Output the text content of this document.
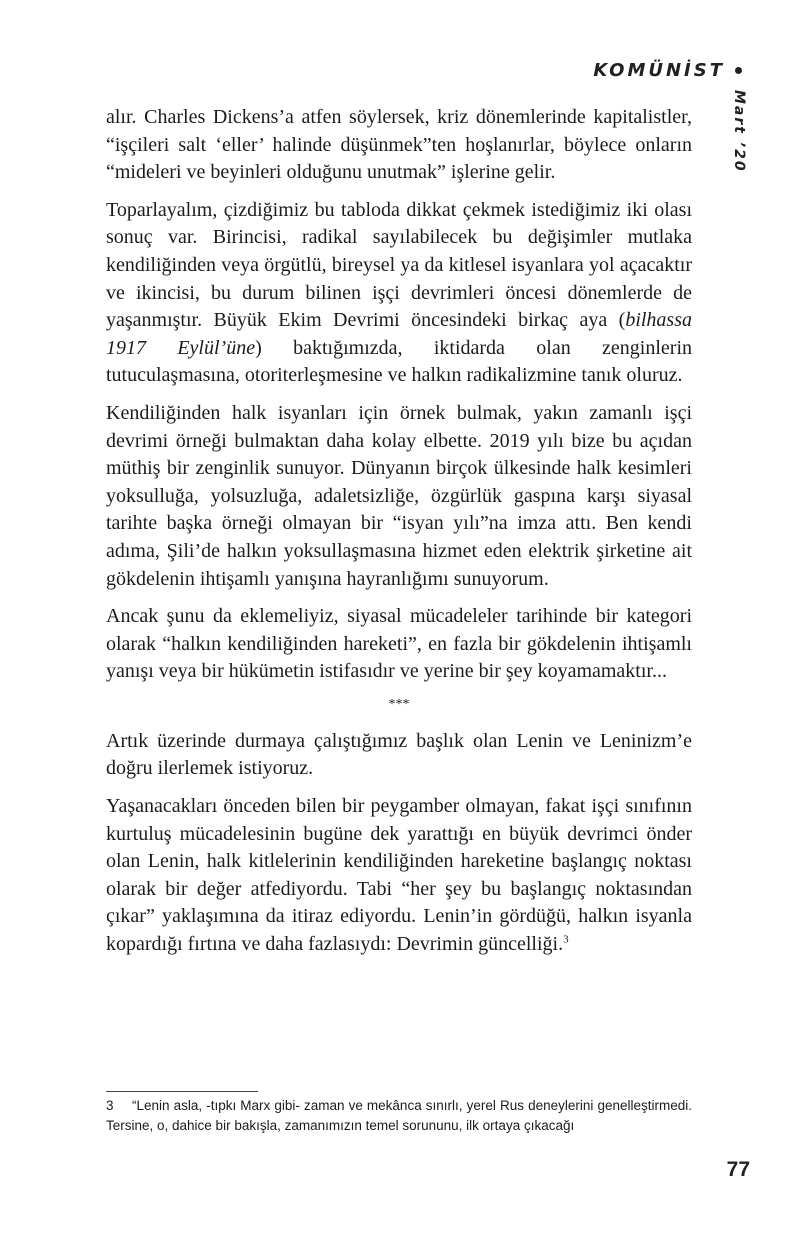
KOMÜNİST
Mart ’20

alır. Charles Dickens’a atfen söylersek, kriz dönemlerinde kapitalistler, “işçileri salt ‘eller’ halinde düşünmek”ten hoşlanırlar, böylece onların “mideleri ve beyinleri olduğunu unutmak” işlerine gelir.

Toparlayalım, çizdiğimiz bu tabloda dikkat çekmek istediğimiz iki olası sonuç var. Birincisi, radikal sayılabilecek bu değişimler mutlaka kendiliğinden veya örgütlü, bireysel ya da kitlesel isyanlara yol açacaktır ve ikincisi, bu durum bilinen işçi devrimleri öncesi dönemlerde de yaşanmıştır. Büyük Ekim Devrimi öncesindeki birkaç aya (bilhassa 1917 Eylül’üne) baktığımızda, iktidarda olan zenginlerin tutuculaşmasına, otoriterleşmesine ve halkın radikalizmine tanık oluruz.

Kendiliğinden halk isyanları için örnek bulmak, yakın zamanlı işçi devrimi örneği bulmaktan daha kolay elbette. 2019 yılı bize bu açıdan müthiş bir zenginlik sunuyor. Dünyanın birçok ülkesinde halk kesimleri yoksulluğa, yolsuzluğa, adaletsizliğe, özgürlük gaspına karşı siyasal tarihte başka örneği olmayan bir “isyan yılı”na imza attı. Ben kendi adıma, Şili’de halkın yoksullaşmasına hizmet eden elektrik şirketine ait gökdelenin ihtişamlı yanışına hayranlığımı sunuyorum.

Ancak şunu da eklemeliyiz, siyasal mücadeleler tarihinde bir kategori olarak “halkın kendiliğinden hareketi”, en fazla bir gökdelenin ihtişamlı yanışı veya bir hükümetin istifasıdır ve yerine bir şey koyamamaktır...

***

Artık üzerinde durmaya çalıştığımız başlık olan Lenin ve Leninizm’e doğru ilerlemek istiyoruz.

Yaşanacakları önceden bilen bir peygamber olmayan, fakat işçi sınıfının kurtuluş mücadelesinin bugüne dek yarattığı en büyük devrimci önder olan Lenin, halk kitlelerinin kendiliğinden hareketine başlangıç noktası olarak bir değer atfediyordu. Tabi “her şey bu başlangıç noktasından çıkar” yaklaşımına da itiraz ediyordu. Lenin’in gördüğü, halkın isyanla kopardığı fırtına ve daha fazlasıydı: Devrimin güncelliği.$^3$

3 “Lenin asla, -tıpkı Marx gibi- zaman ve mekânca sınırlı, yerel Rus deneylerini genelleştirmedi. Tersine, o, dahice bir bakışla, zamanımızın temel sorununu, ilk ortaya çıkacağı
77
